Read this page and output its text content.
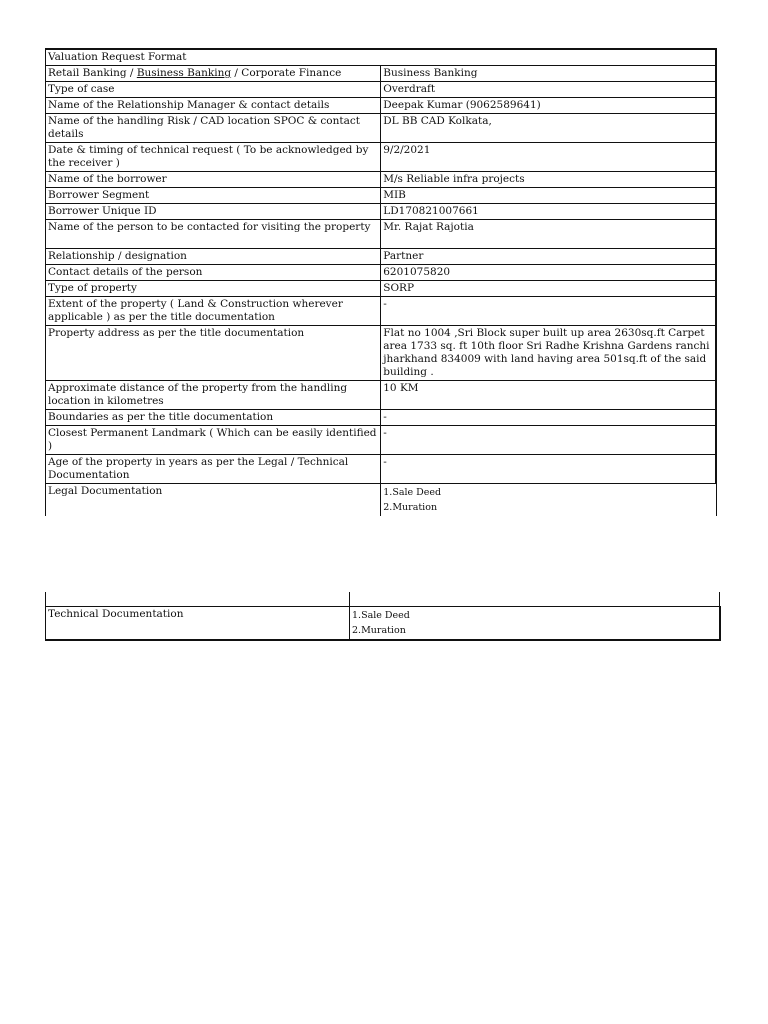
Valuation Request Format	
Retail Banking / Business Banking / Corporate Finance	Business Banking
Type of case	Overdraft
Name of the Relationship Manager & contact details	Deepak Kumar (9062589641)
Name of the handling Risk / CAD location SPOC & contact details	DL BB CAD Kolkata,
Date & timing of technical request ( To be acknowledged by the receiver )	9/2/2021
Name of the borrower	M/s Reliable infra projects
Borrower Segment	MIB
Borrower Unique ID	LD170821007661
Name of the person to be contacted for visiting the property	Mr. Rajat Rajotia
Relationship / designation	Partner
Contact details of the person	6201075820
Type of property	SORP
Extent of the property ( Land & Construction wherever applicable ) as per the title documentation	-
Property address as per the title documentation	Flat no 1004 ,Sri Block super built up area 2630sq.ft Carpet area 1733 sq. ft 10th floor Sri Radhe Krishna Gardens ranchi jharkhand 834009 with land having area 501sq.ft of the said building .
Approximate distance of the property from the handling location in kilometres	10 KM
Boundaries as per the title documentation	-
Closest Permanent Landmark ( Which can be easily identified )	-
Age of the property in years as per the Legal / Technical Documentation	-
Legal Documentation	1.Sale Deed
2.Muration

Technical Documentation	1.Sale Deed
2.Muration
